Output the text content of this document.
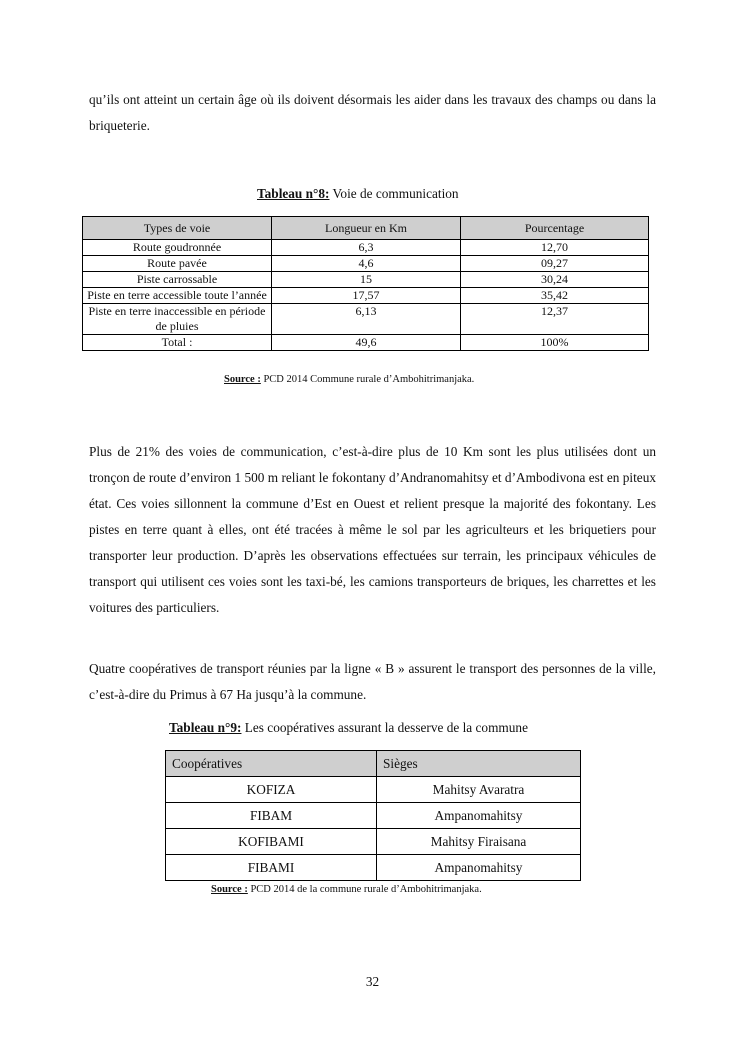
qu’ils ont atteint un certain âge où ils doivent désormais les aider dans les travaux des champs ou dans la briqueterie.

Tableau n°8: Voie de communication
Types de voie	Longueur en Km	Pourcentage
Route goudronnée	6,3	12,70
Route pavée	4,6	09,27
Piste carrossable	15	30,24
Piste en terre accessible toute l’année	17,57	35,42
Piste en terre inaccessible en période de pluies	6,13	12,37
Total :	49,6	100%
Source : PCD 2014 Commune rurale d’Ambohitrimanjaka.

Plus de 21% des voies de communication, c’est-à-dire plus de 10 Km sont les plus utilisées dont un tronçon de route d’environ 1 500 m reliant le fokontany d’Andranomahitsy et d’Ambodivona est en piteux état. Ces voies sillonnent la commune d’Est en Ouest et relient presque la majorité des fokontany. Les pistes en terre quant à elles, ont été tracées à même le sol par les agriculteurs et les briquetiers pour transporter leur production. D’après les observations effectuées sur terrain, les principaux véhicules de transport qui utilisent ces voies sont les taxi-bé, les camions transporteurs de briques, les charrettes et les voitures des particuliers.

Quatre coopératives de transport réunies par la ligne « B » assurent le transport des personnes de la ville, c’est-à-dire du Primus à 67 Ha jusqu’à la commune.

Tableau n°9: Les coopératives assurant la desserve de la commune
Coopératives	Sièges
KOFIZA	Mahitsy Avaratra
FIBAM	Ampanomahitsy
KOFIBAMI	Mahitsy Firaisana
FIBAMI	Ampanomahitsy
Source : PCD 2014 de la commune rurale d’Ambohitrimanjaka.
32
